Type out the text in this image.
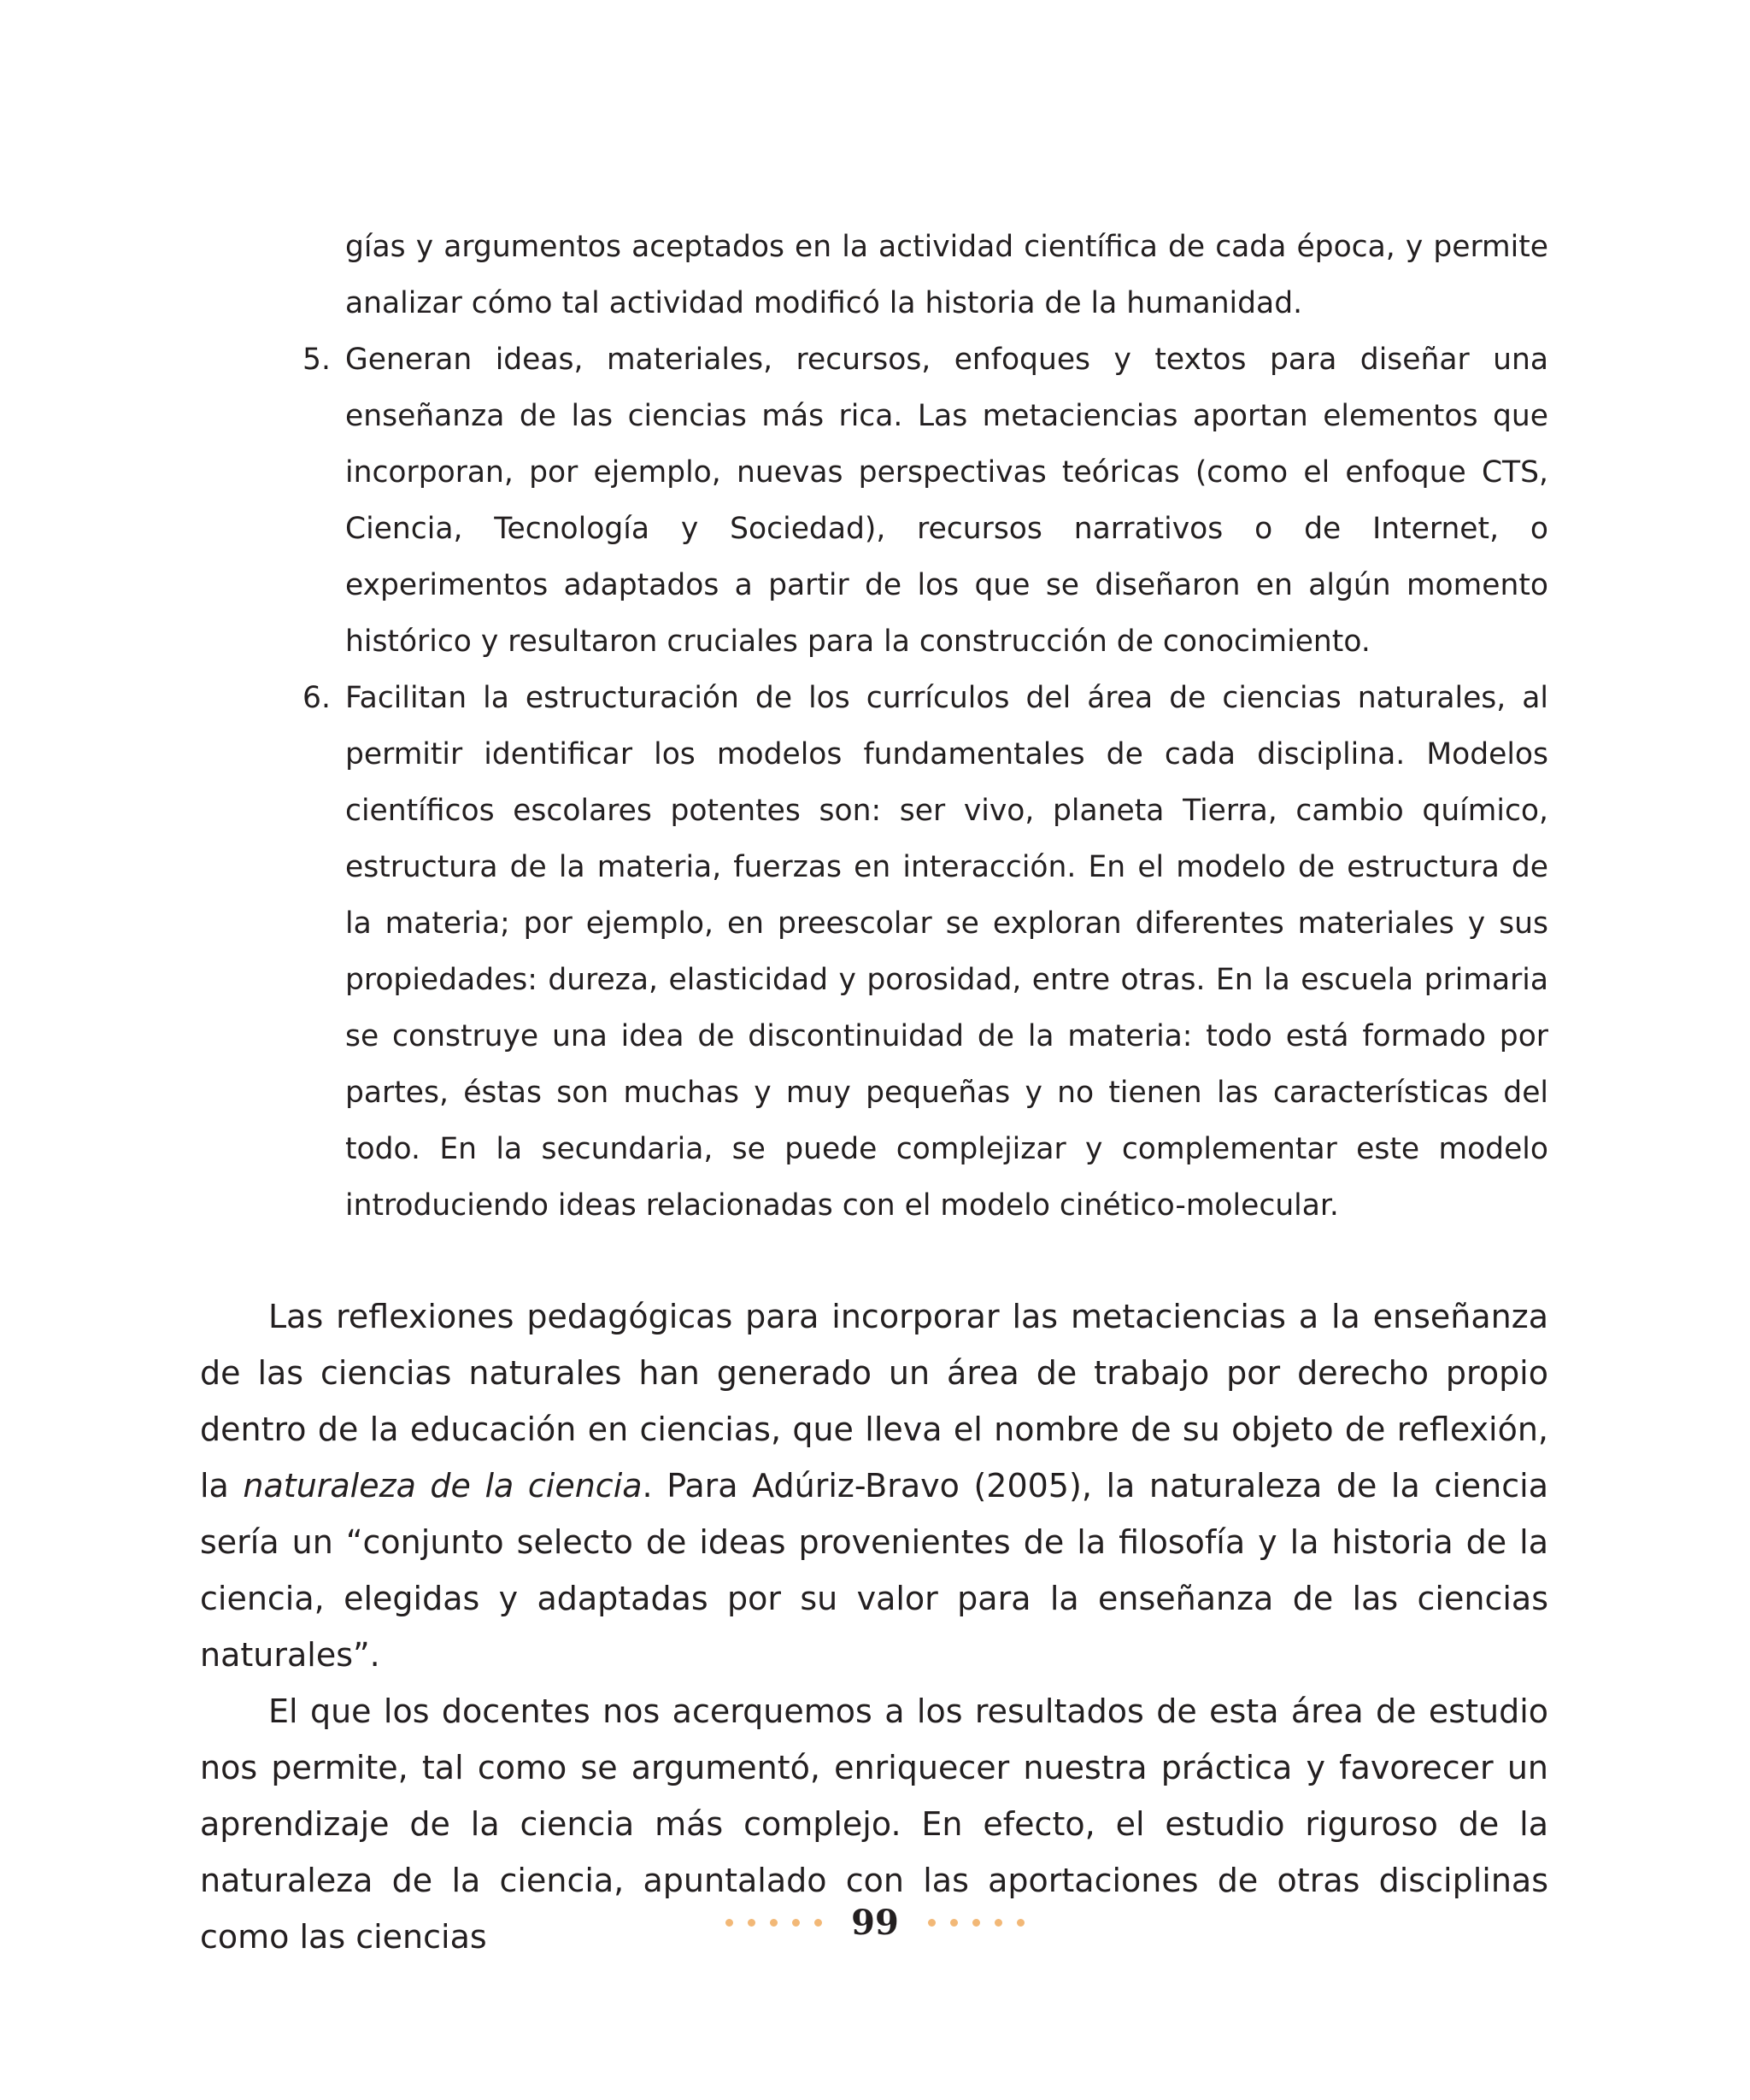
gías y argumentos aceptados en la actividad científica de cada época, y permite analizar cómo tal actividad modificó la historia de la humanidad.

5. Generan ideas, materiales, recursos, enfoques y textos para diseñar una enseñanza de las ciencias más rica. Las metaciencias aportan elementos que incorporan, por ejemplo, nuevas perspectivas teóricas (como el enfoque CTS, Ciencia, Tecnología y Sociedad), recursos narrativos o de Internet, o experimentos adaptados a partir de los que se diseñaron en algún momento histórico y resultaron cruciales para la construcción de conocimiento.
6. Facilitan la estructuración de los currículos del área de ciencias naturales, al permitir identificar los modelos fundamentales de cada disciplina. Modelos científicos escolares potentes son: ser vivo, planeta Tierra, cambio químico, estructura de la materia, fuerzas en interacción. En el modelo de estructura de la materia; por ejemplo, en preescolar se exploran diferentes materiales y sus propiedades: dureza, elasticidad y porosidad, entre otras. En la escuela primaria se construye una idea de discontinuidad de la materia: todo está formado por partes, éstas son muchas y muy pequeñas y no tienen las características del todo. En la secundaria, se puede complejizar y complementar este modelo introduciendo ideas relacionadas con el modelo cinético-molecular.

Las reflexiones pedagógicas para incorporar las metaciencias a la enseñanza de las ciencias naturales han generado un área de trabajo por derecho propio dentro de la educación en ciencias, que lleva el nombre de su objeto de reflexión, la naturaleza de la ciencia. Para Adúriz-Bravo (2005), la naturaleza de la ciencia sería un “conjunto selecto de ideas provenientes de la filosofía y la historia de la ciencia, elegidas y adaptadas por su valor para la enseñanza de las ciencias naturales”.

El que los docentes nos acerquemos a los resultados de esta área de estudio nos permite, tal como se argumentó, enriquecer nuestra práctica y favorecer un aprendizaje de la ciencia más complejo. En efecto, el estudio riguroso de la naturaleza de la ciencia, apuntalado con las aportaciones de otras disciplinas como las ciencias	99
